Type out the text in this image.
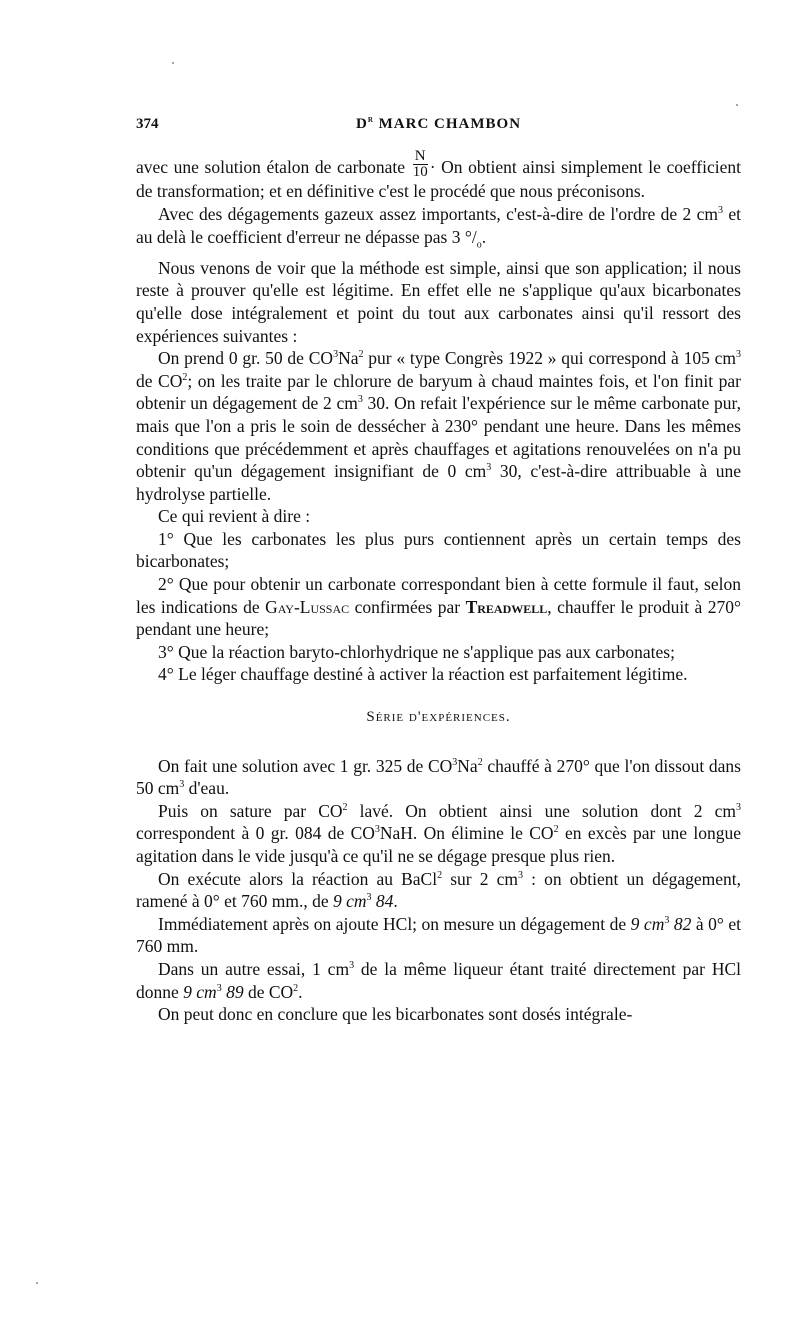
374	$D^r$ MARC CHAMBON

avec une solution étalon de carbonate $\frac{N}{10} \cdot On$ obtient ainsi simplement le coefficient de transformation; et en définitive c'est le procédé que nous préconisons.

Avec des dégagements gazeux assez importants, c'est-à-dire de l'ordre de 2 $cm^3$ et au delà le coefficient d'erreur ne dépasse pas 3 $^\circ/_o$.

Nous venons de voir que la méthode est simple, ainsi que son application; il nous reste à prouver qu'elle est légitime. En effet elle ne s'applique qu'aux bicarbonates qu'elle dose intégralement et point du tout aux carbonates ainsi qu'il ressort des expériences suivantes :

On prend 0 gr. 50 de $CO^3Na^2$ pur « type Congrès 1922 » qui correspond à 105 $cm^3$ de $CO^2$; on les traite par le chlorure de baryum à chaud maintes fois, et l'on finit par obtenir un dégagement de 2 $cm^3$ 30. On refait l'expérience sur le même carbonate pur, mais que l'on a pris le soin de dessécher à 230° pendant une heure. Dans les mêmes conditions que précédemment et après chauffages et agitations renouvelées on n'a pu obtenir qu'un dégagement insignifiant de 0 $cm^3$ 30, c'est-à-dire attribuable à une hydrolyse partielle.

Ce qui revient à dire :

1° Que les carbonates les plus purs contiennent après un certain temps des bicarbonates;

2° Que pour obtenir un carbonate correspondant bien à cette formule il faut, selon les indications de Gay-Lussac confirmées par Treadwell, chauffer le produit à 270° pendant une heure;

3° Que la réaction baryto-chlorhydrique ne s'applique pas aux carbonates;

4° Le léger chauffage destiné à activer la réaction est parfaitement légitime.

Série d'expériences.

On fait une solution avec 1 gr. 325 de $CO^3Na^2$ chauffé à 270° que l'on dissout dans 50 $cm^3$ d'eau.

Puis on sature par $CO^2$ lavé. On obtient ainsi une solution dont 2 $cm^3$ correspondent à 0 gr. 084 de $CO^3NaH$. On élimine le $CO^2$ en excès par une longue agitation dans le vide jusqu'à ce qu'il ne se dégage presque plus rien.

On exécute alors la réaction au BaCl$^2$ sur 2 $cm^3$ : on obtient un dégagement, ramené à 0° et 760 mm., de 9 $cm^3$ 84.

Immédiatement après on ajoute HCl; on mesure un dégagement de 9 $cm^3$ 82 à 0° et 760 mm.

Dans un autre essai, 1 $cm^3$ de la même liqueur étant traité directement par HCl donne 9 $cm^3$ 89 de $CO^2$.

On peut donc en conclure que les bicarbonates sont dosés intégrale-
